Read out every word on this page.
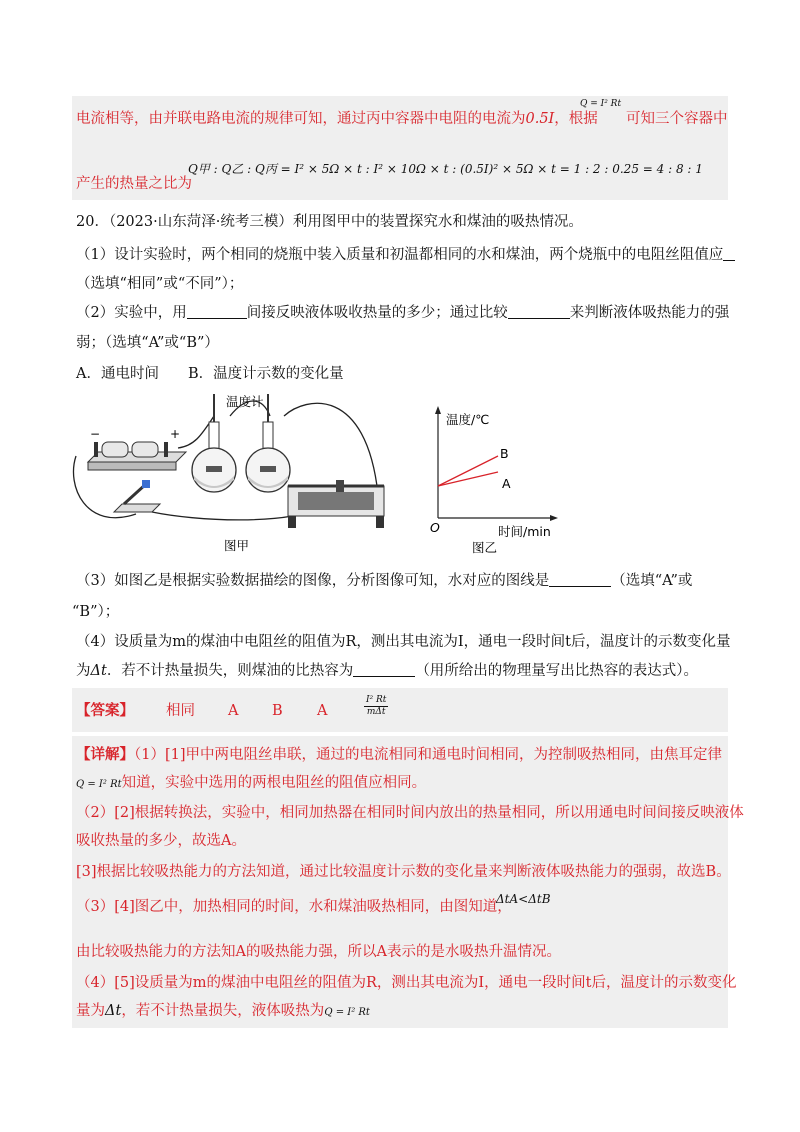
电流相等，由并联电路电流的规律可知，通过丙中容器中电阻的电流为0.5I，根据
Q = I² Rt
可知三个容器中
Q甲 : Q乙 : Q丙 = I² × 5Ω × t : I² × 10Ω × t : (0.5I)² × 5Ω × t = 1 : 2 : 0.25 = 4 : 8 : 1
产生的热量之比为
20．（2023·山东菏泽·统考三模）利用图甲中的装置探究水和煤油的吸热情况。
（1）设计实验时，两个相同的烧瓶中装入质量和初温都相同的水和煤油，两个烧瓶中的电阻丝阻值应
（选填“相同”或“不同”）；
（2）实验中，用	间接反映液体吸收热量的多少；通过比较	来判断液体吸热能力的强
弱；（选填“A”或“B”）
A．通电时间　　B．温度计示数的变化量
−	+
温度计
图甲
温度/℃
时间/min
O
B
A
图乙
（3）如图乙是根据实验数据描绘的图像，分析图像可知，水对应的图线是	（选填“A”或
“B”）；
（4）设质量为m的煤油中电阻丝的阻值为R，测出其电流为I，通电一段时间t后，温度计的示数变化量
为Δt．若不计热量损失，则煤油的比热容为	（用所给出的物理量写出比热容的表达式）。
【答案】 相同 A B A	$\frac{\text{I² Rt}}{\text{mΔt}}$
【详解】（1）[1]甲中两电阻丝串联，通过的电流相同和通电时间相同，为控制吸热相同，由焦耳定律
Q = I² Rt知道，实验中选用的两根电阻丝的阻值应相同。
（2）[2]根据转换法，实验中，相同加热器在相同时间内放出的热量相同，所以用通电时间间接反映液体
吸收热量的多少，故选A。
[3]根据比较吸热能力的方法知道，通过比较温度计示数的变化量来判断液体吸热能力的强弱，故选B。
（3）[4]图乙中，加热相同的时间，水和煤油吸热相同，由图知道，
ΔtA<ΔtB
由比较吸热能力的方法知A的吸热能力强，所以A表示的是水吸热升温情况。
（4）[5]设质量为m的煤油中电阻丝的阻值为R，测出其电流为I，通电一段时间t后，温度计的示数变化
量为Δt，若不计热量损失，液体吸热为Q = I² Rt
